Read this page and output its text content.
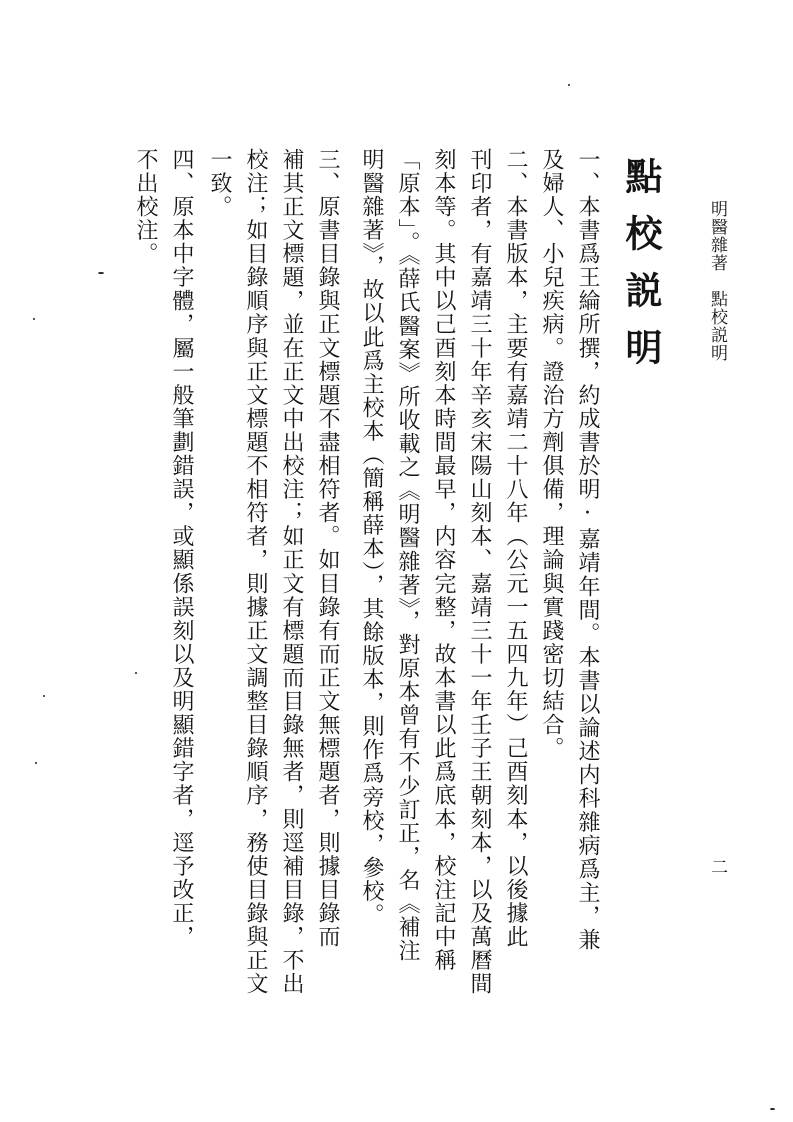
明醫雜著　點校説明
二
點校説明
一、本書爲王綸所撰，約成書於明·嘉靖年間。本書以論述内科雜病爲主，兼
及婦人、小兒疾病。證治方劑俱備，理論與實踐密切結合。
二、本書版本，主要有嘉靖二十八年（公元一五四九年）己酉刻本，以後據此
刊印者，有嘉靖三十年辛亥宋陽山刻本、嘉靖三十一年壬子王朝刻本，以及萬曆間
刻本等。其中以己酉刻本時間最早，内容完整，故本書以此爲底本，校注記中稱
「原本」。《薛氏醫案》所收載之《明醫雜著》，對原本曾有不少訂正，名《補注
明醫雜著》，故以此爲主校本（簡稱薛本），其餘版本，則作爲旁校，參校。
三、原書目錄與正文標題不盡相符者。如目錄有而正文無標題者，則據目錄而
補其正文標題，並在正文中出校注；如正文有標題而目錄無者，則逕補目錄，不出
校注；如目錄順序與正文標題不相符者，則據正文調整目錄順序，務使目錄與正文
一致。
四、原本中字體，屬一般筆劃錯誤，或顯係誤刻以及明顯錯字者，逕予改正，
不出校注。
